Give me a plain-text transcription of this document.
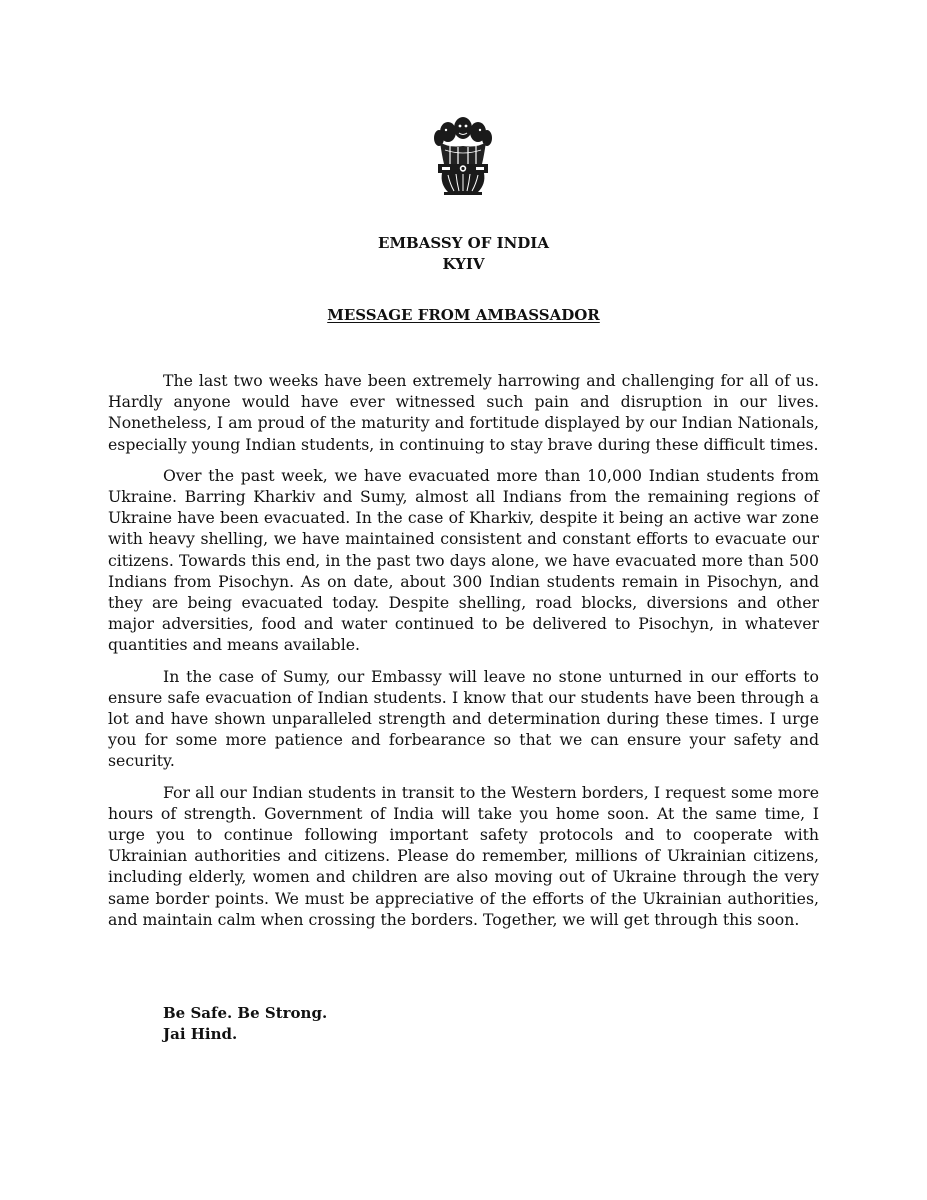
EMBASSY OF INDIA
KYIV
MESSAGE FROM AMBASSADOR

The last two weeks have been extremely harrowing and challenging for all of us. Hardly anyone would have ever witnessed such pain and disruption in our lives. Nonetheless, I am proud of the maturity and fortitude displayed by our Indian Nationals, especially young Indian students, in continuing to stay brave during these difficult times.

Over the past week, we have evacuated more than 10,000 Indian students from Ukraine. Barring Kharkiv and Sumy, almost all Indians from the remaining regions of Ukraine have been evacuated. In the case of Kharkiv, despite it being an active war zone with heavy shelling, we have maintained consistent and constant efforts to evacuate our citizens. Towards this end, in the past two days alone, we have evacuated more than 500 Indians from Pisochyn. As on date, about 300 Indian students remain in Pisochyn, and they are being evacuated today. Despite shelling, road blocks, diversions and other major adversities, food and water continued to be delivered to Pisochyn, in whatever quantities and means available.

In the case of Sumy, our Embassy will leave no stone unturned in our efforts to ensure safe evacuation of Indian students. I know that our students have been through a lot and have shown unparalleled strength and determination during these times. I urge you for some more patience and forbearance so that we can ensure your safety and security.

For all our Indian students in transit to the Western borders, I request some more hours of strength. Government of India will take you home soon. At the same time, I urge you to continue following important safety protocols and to cooperate with Ukrainian authorities and citizens. Please do remember, millions of Ukrainian citizens, including elderly, women and children are also moving out of Ukraine through the very same border points. We must be appreciative of the efforts of the Ukrainian authorities, and maintain calm when crossing the borders. Together, we will get through this soon.

Be Safe. Be Strong.
Jai Hind.
